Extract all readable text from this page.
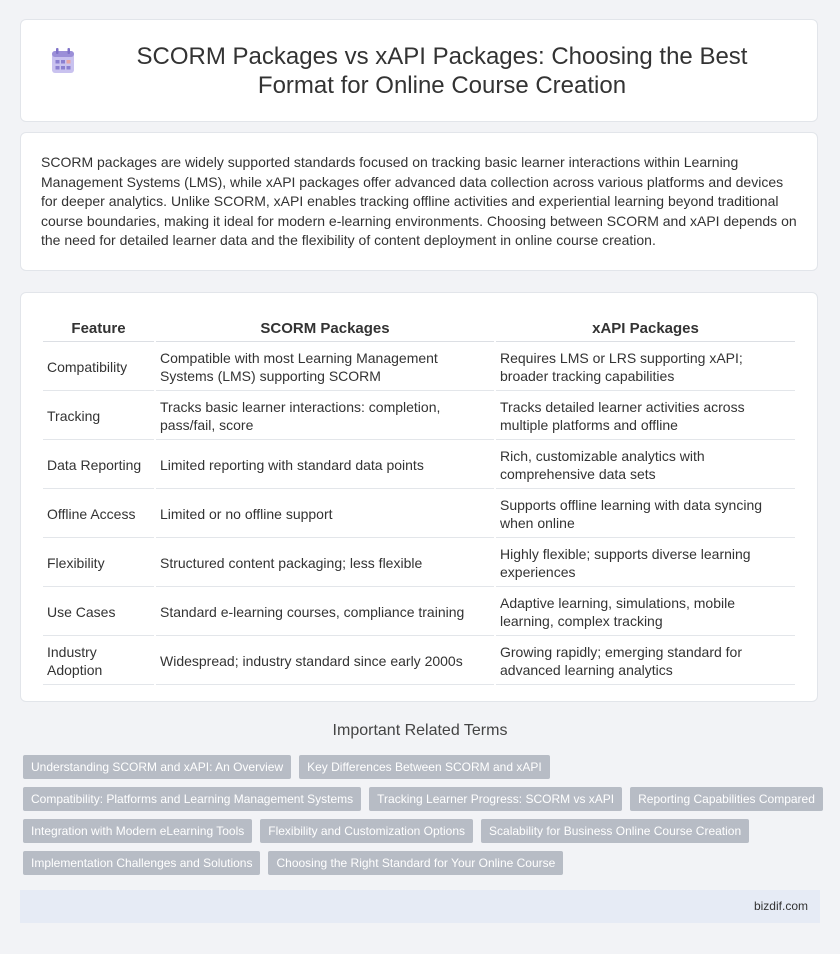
SCORM Packages vs xAPI Packages: Choosing the Best Format for Online Course Creation

SCORM packages are widely supported standards focused on tracking basic learner interactions within Learning Management Systems (LMS), while xAPI packages offer advanced data collection across various platforms and devices for deeper analytics. Unlike SCORM, xAPI enables tracking offline activities and experiential learning beyond traditional course boundaries, making it ideal for modern e-learning environments. Choosing between SCORM and xAPI depends on the need for detailed learner data and the flexibility of content deployment in online course creation.

Feature	SCORM Packages	xAPI Packages
Compatibility	Compatible with most Learning Management Systems (LMS) supporting SCORM	Requires LMS or LRS supporting xAPI; broader tracking capabilities
Tracking	Tracks basic learner interactions: completion, pass/fail, score	Tracks detailed learner activities across multiple platforms and offline
Data Reporting	Limited reporting with standard data points	Rich, customizable analytics with comprehensive data sets
Offline Access	Limited or no offline support	Supports offline learning with data syncing when online
Flexibility	Structured content packaging; less flexible	Highly flexible; supports diverse learning experiences
Use Cases	Standard e-learning courses, compliance training	Adaptive learning, simulations, mobile learning, complex tracking
Industry Adoption	Widespread; industry standard since early 2000s	Growing rapidly; emerging standard for advanced learning analytics
Important Related Terms
Understanding SCORM and xAPI: An Overview	Key Differences Between SCORM and xAPI
Compatibility: Platforms and Learning Management Systems	Tracking Learner Progress: SCORM vs xAPI	Reporting Capabilities Compared
Integration with Modern eLearning Tools	Flexibility and Customization Options	Scalability for Business Online Course Creation
Implementation Challenges and Solutions	Choosing the Right Standard for Your Online Course
bizdif.com
